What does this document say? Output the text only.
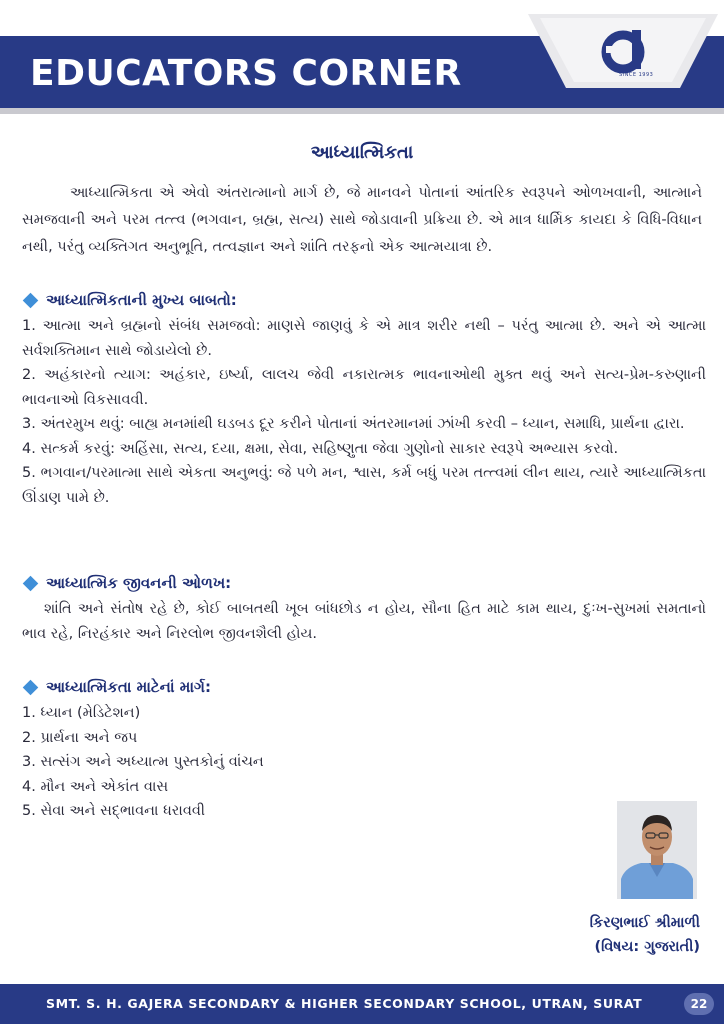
EDUCATORS CORNER	SINCE 1993
આધ્યાત્મિકતા

આધ્યાત્મિકતા એ એવો અંતરાત્માનો માર્ગ છે, જે માનવને પોતાનાં આંતરિક સ્વરૂપને ઓળખવાની, આત્માને સમજવાની અને પરમ તત્ત્વ (ભગવાન, બ્રહ્મ, સત્ય) સાથે જોડાવાની પ્રક્રિયા છે. એ માત્ર ધાર્મિક કાયદા કે વિધિ-વિધાન નથી, પરંતુ વ્યક્તિગત અનુભૂતિ, તત્વજ્ઞાન અને શાંતિ તરફનો એક આત્મયાત્રા છે.

આધ્યાત્મિકતાની મુખ્ય બાબતો:
1. આત્મા અને બ્રહ્મનો સંબંધ સમજવો: માણસે જાણવું કે એ માત્ર શરીર નથી – પરંતુ આત્મા છે. અને એ આત્મા સર્વશક્તિમાન સાથે જોડાયેલો છે.
2. અહંકારનો ત્યાગ: અહંકાર, ઇર્ષ્યા, લાલચ જેવી નકારાત્મક ભાવનાઓથી મુક્ત થવું અને સત્ય-પ્રેમ-કરુણાની ભાવનાઓ વિકસાવવી.
3. અંતરમુખ થવું: બાહ્ય મનમાંથી ઘડબડ દૂર કરીને પોતાનાં અંતરમાનમાં ઝાંખી કરવી – ધ્યાન, સમાધિ, પ્રાર્થના દ્વારા.
4. સત્કર્મ કરવું: અહિંસા, સત્ય, દયા, ક્ષમા, સેવા, સહિષ્ણુતા જેવા ગુણોનો સાકાર સ્વરૂપે અભ્યાસ કરવો.
5. ભગવાન/પરમાત્મા સાથે એકતા અનુભવું: જે પળે મન, શ્વાસ, કર્મ બધું પરમ તત્ત્વમાં લીન થાય, ત્યારે આધ્યાત્મિકતા ઊંડાણ પામે છે.
આધ્યાત્મિક જીવનની ઓળખ:

શાંતિ અને સંતોષ રહે છે, કોઈ બાબતથી ખૂબ બાંધછોડ ન હોય, સૌના હિત માટે કામ થાય, દુઃખ-સુખમાં સમતાનો ભાવ રહે, નિરહંકાર અને નિરલોભ જીવનશૈલી હોય.

આધ્યાત્મિકતા માટેનાં માર્ગ:
1. ધ્યાન (મેડિટેશન)
2. પ્રાર્થના અને જપ
3. સત્સંગ અને અધ્યાત્મ પુસ્તકોનું વાંચન
4. મૌન અને એકાંત વાસ
5. સેવા અને સદ્ભાવના ધરાવવી

કિરણભાઈ શ્રીમાળી

(વિષય: ગુજરાતી)

SMT. S. H. GAJERA SECONDARY & HIGHER SECONDARY SCHOOL, UTRAN, SURAT	22
